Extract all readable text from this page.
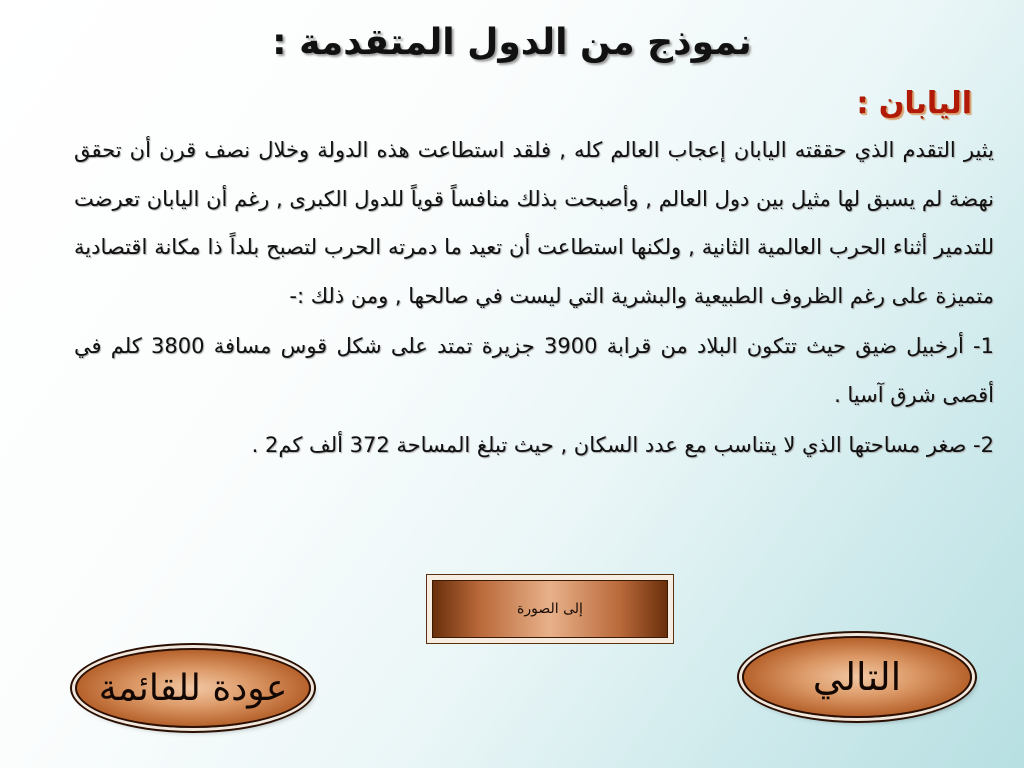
نموذج من الدول المتقدمة :
اليابان :

يثير التقدم الذي حققته اليابان إعجاب العالم كله , فلقد استطاعت هذه الدولة وخلال نصف قرن أن تحقق نهضة لم يسبق لها مثيل بين دول العالم , وأصبحت بذلك منافساً قوياً للدول الكبرى , رغم أن اليابان تعرضت للتدمير أثناء الحرب العالمية الثانية , ولكنها استطاعت أن تعيد ما دمرته الحرب لتصبح بلداً ذا مكانة اقتصادية متميزة على رغم الظروف الطبيعية والبشرية التي ليست في صالحها , ومن ذلك :-

1- أرخبيل ضيق حيث تتكون البلاد من قرابة 3900 جزيرة تمتد على شكل قوس مسافة 3800 كلم في أقصى شرق آسيا .

2- صغر مساحتها الذي لا يتناسب مع عدد السكان , حيث تبلغ المساحة 372 ألف كم2 .

إلى الصورة
عودة للقائمة	التالي
